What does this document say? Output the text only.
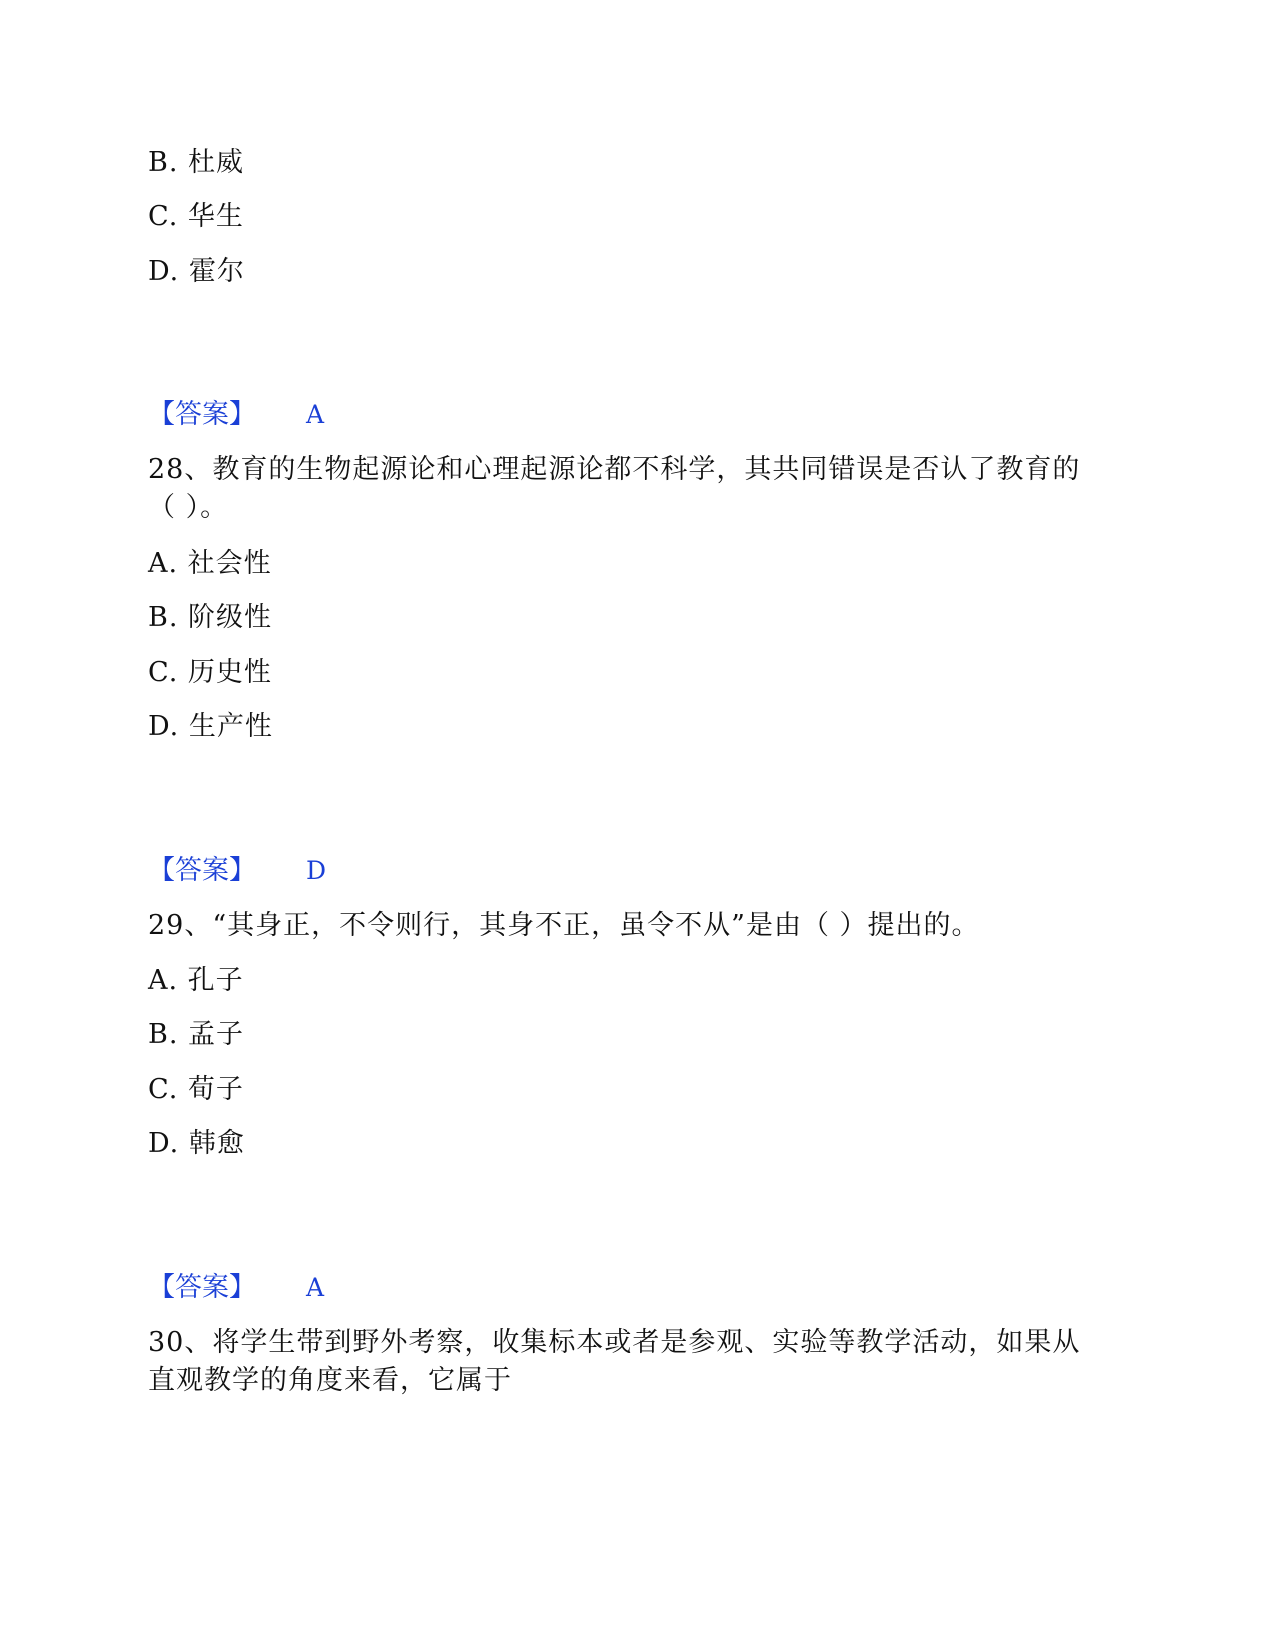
B. 杜威
C. 华生
D. 霍尔
【答案】 A
28、教育的生物起源论和心理起源论都不科学，其共同错误是否认了教育的
（ ）。
A. 社会性
B. 阶级性
C. 历史性
D. 生产性
【答案】 D
29、“其身正，不令则行，其身不正，虽令不从”是由（ ）提出的。
A. 孔子
B. 孟子
C. 荀子
D. 韩愈
【答案】 A
30、将学生带到野外考察，收集标本或者是参观、实验等教学活动，如果从
直观教学的角度来看，它属于
